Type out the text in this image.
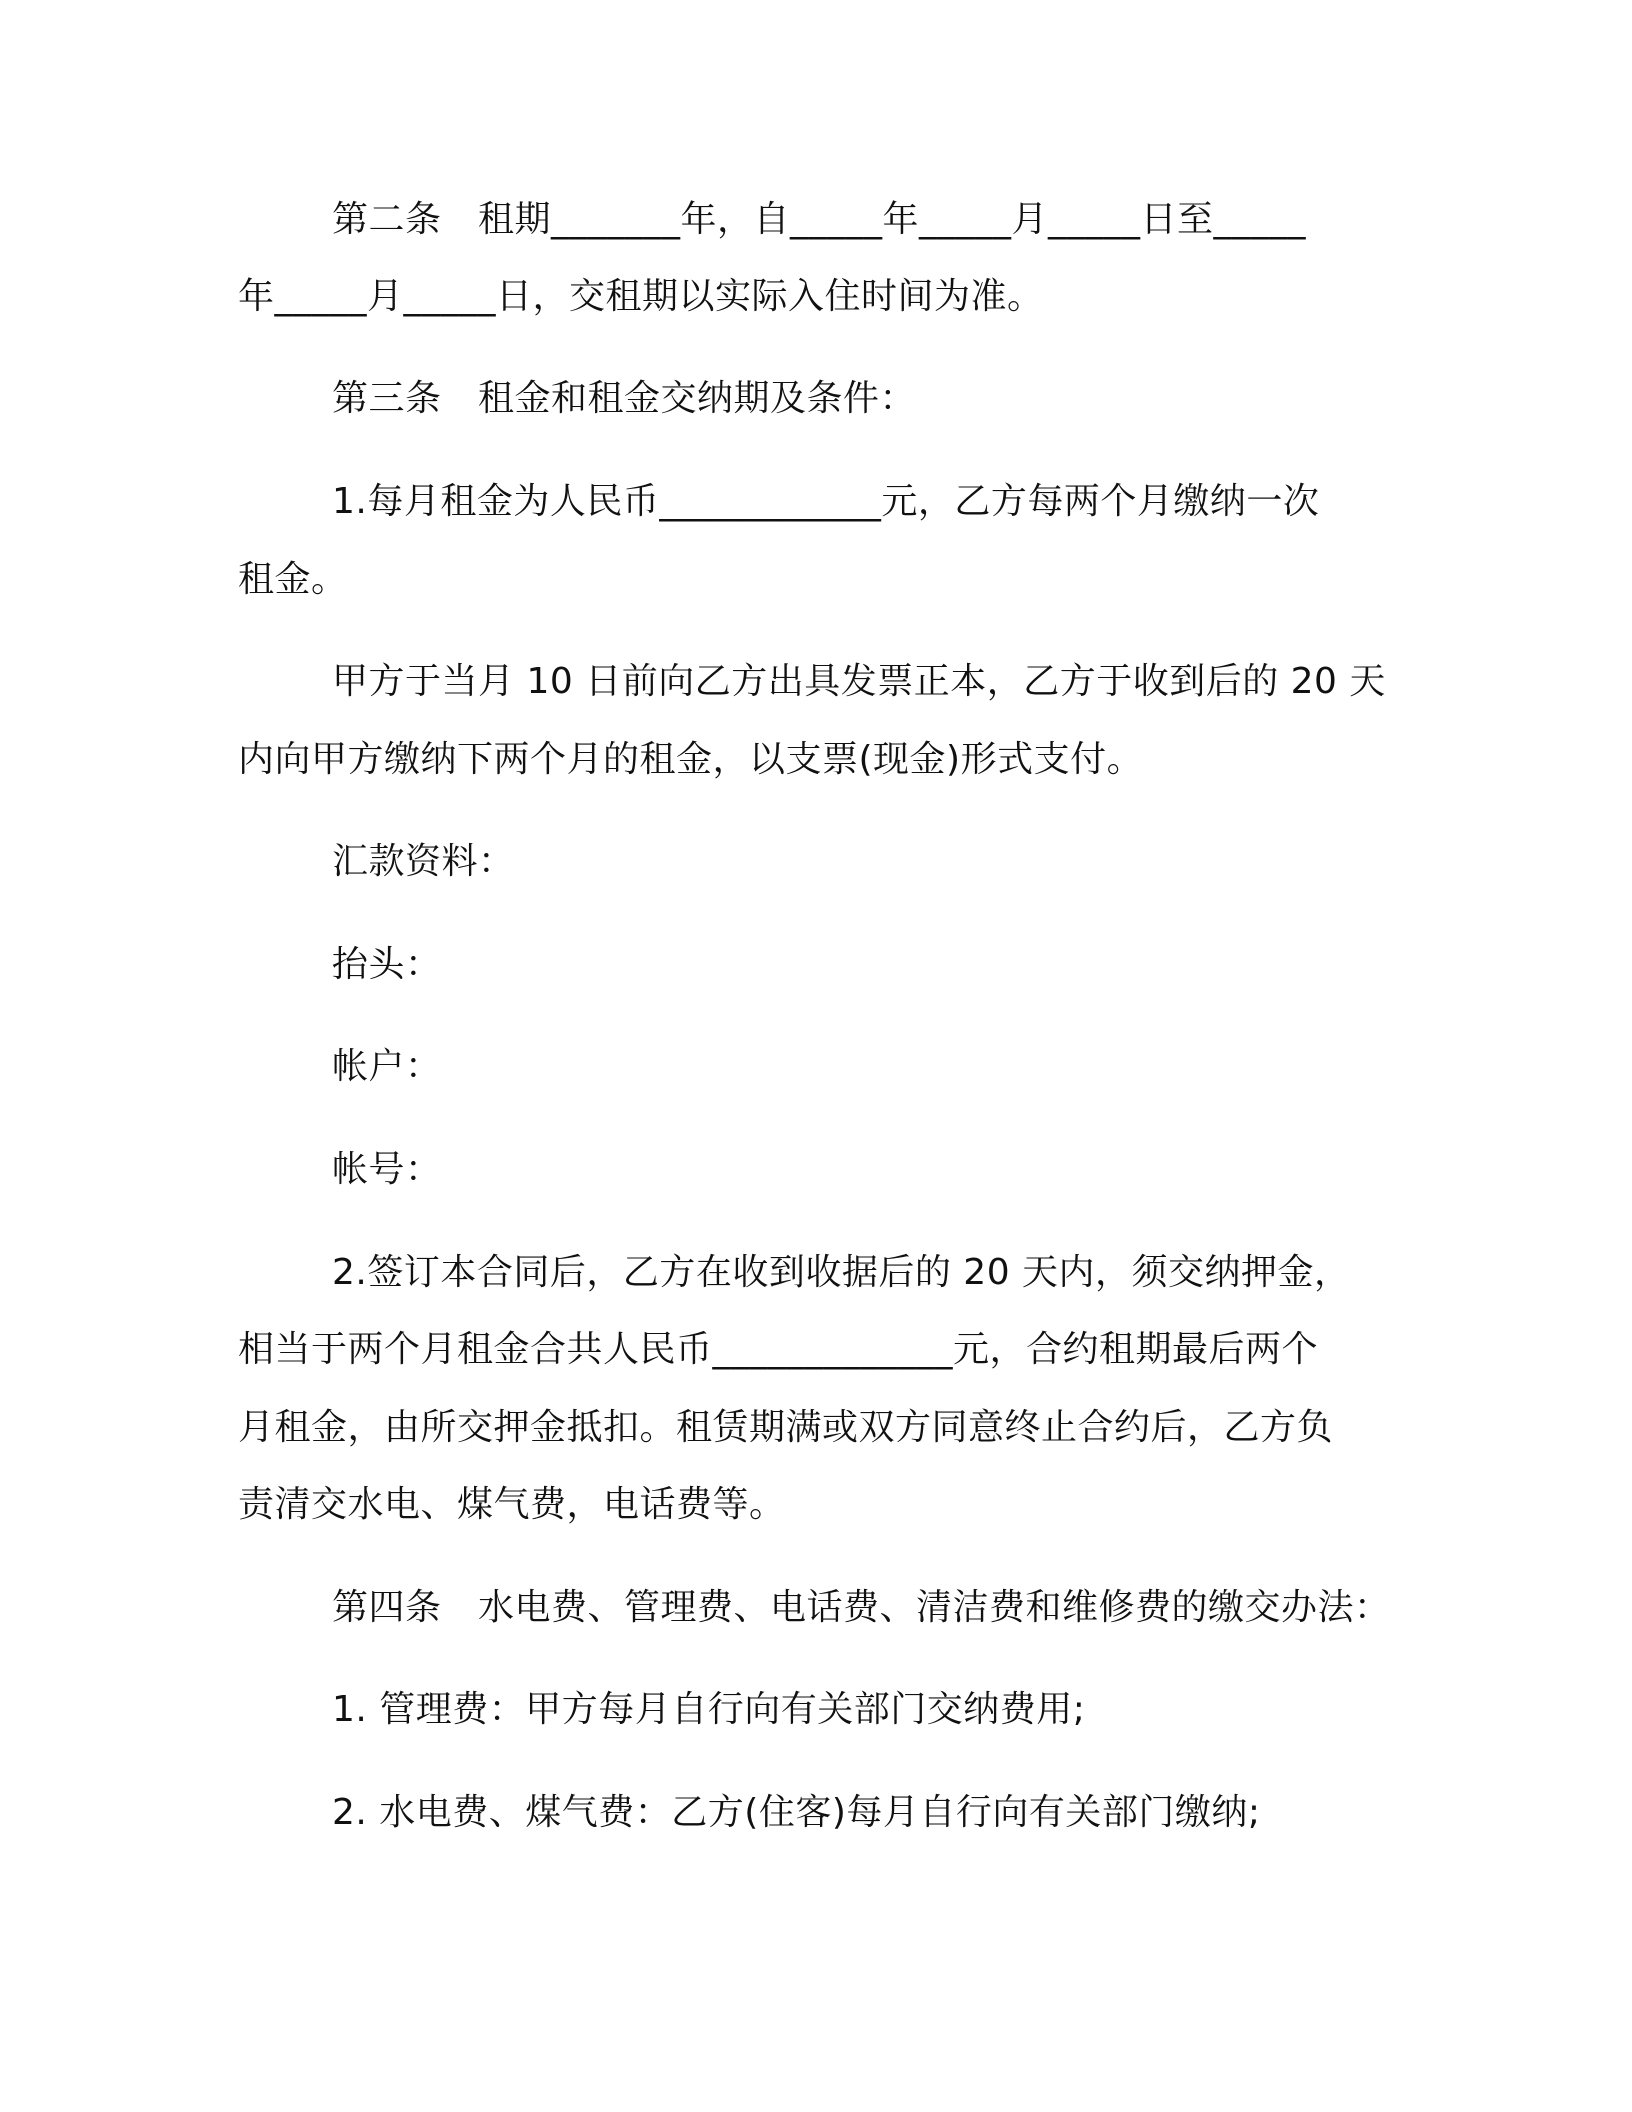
第二条　租期_______年，自_____年_____月_____日至_____
年_____月_____日，交租期以实际入住时间为准。
第三条　租金和租金交纳期及条件：
1.每月租金为人民币____________元，乙方每两个月缴纳一次
租金。
甲方于当月 10 日前向乙方出具发票正本，乙方于收到后的 20 天
内向甲方缴纳下两个月的租金，以支票(现金)形式支付。
汇款资料：
抬头：
帐户：
帐号：
2.签订本合同后，乙方在收到收据后的 20 天内，须交纳押金，
相当于两个月租金合共人民币_____________元，合约租期最后两个
月租金，由所交押金抵扣。租赁期满或双方同意终止合约后，乙方负
责清交水电、煤气费，电话费等。
第四条　水电费、管理费、电话费、清洁费和维修费的缴交办法：
1. 管理费：甲方每月自行向有关部门交纳费用;
2. 水电费、煤气费：乙方(住客)每月自行向有关部门缴纳;
